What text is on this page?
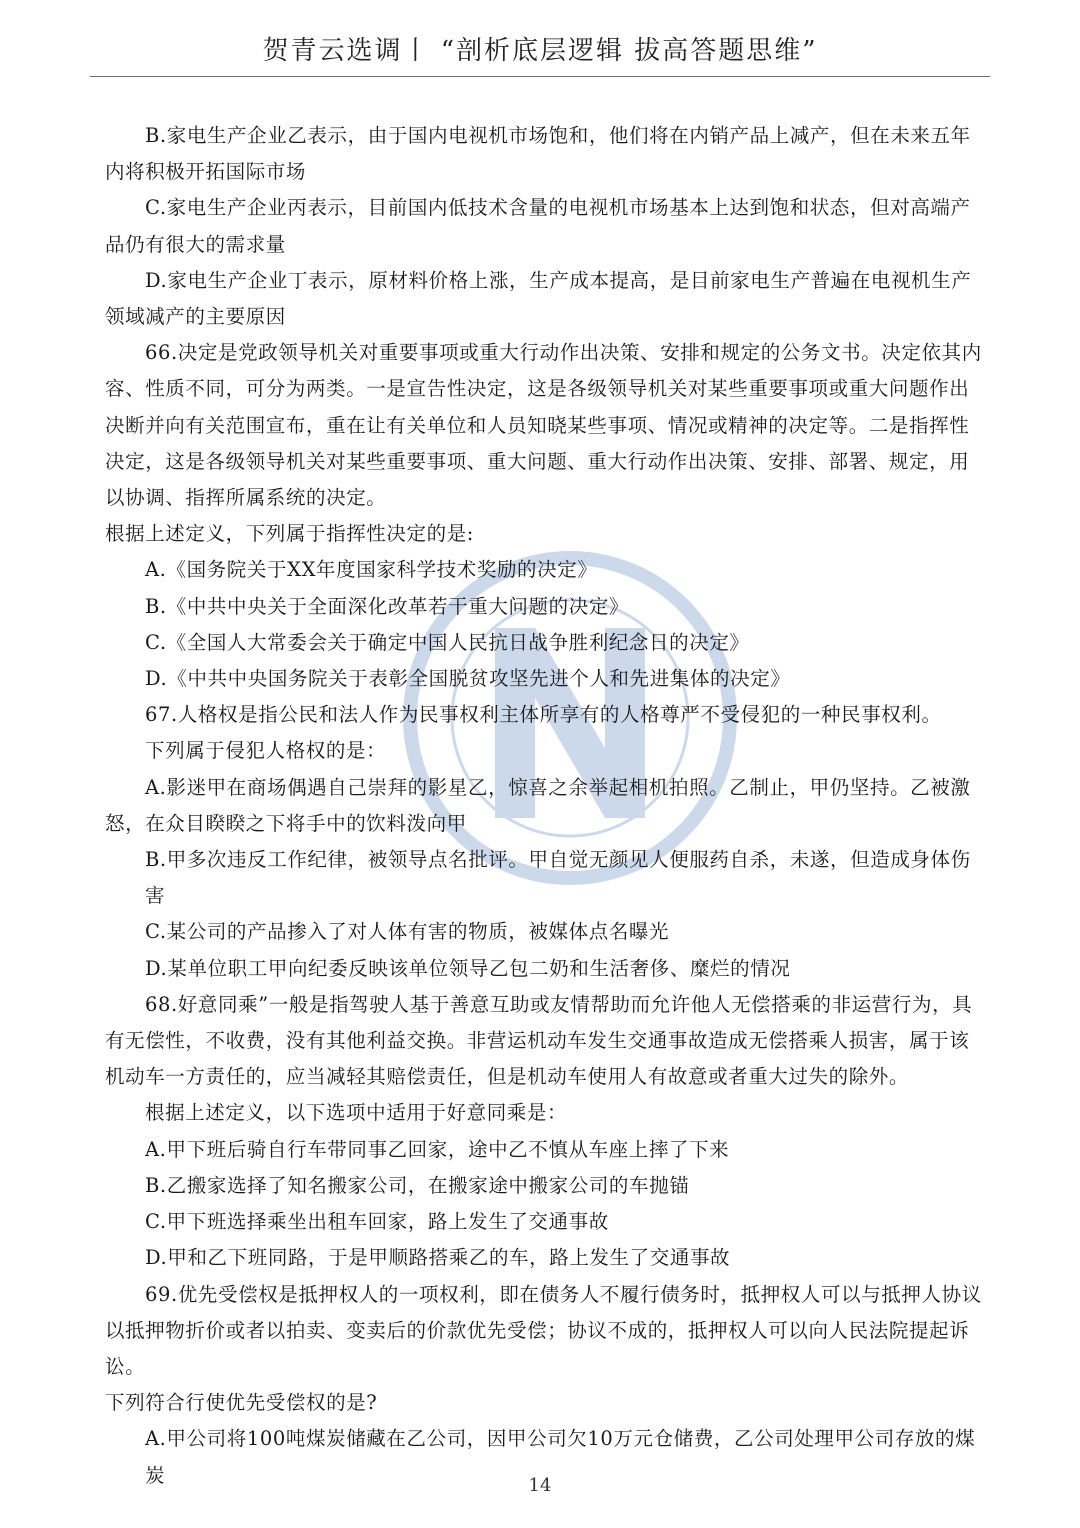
贺青云选调丨 “剖析底层逻辑 拔高答题思维”

B.家电生产企业乙表示，由于国内电视机市场饱和，他们将在内销产品上减产，但在未来五年内将积极开拓国际市场

C.家电生产企业丙表示，目前国内低技术含量的电视机市场基本上达到饱和状态，但对高端产品仍有很大的需求量

D.家电生产企业丁表示，原材料价格上涨，生产成本提高，是目前家电生产普遍在电视机生产领域减产的主要原因

66.决定是党政领导机关对重要事项或重大行动作出决策、安排和规定的公务文书。决定依其内容、性质不同，可分为两类。一是宣告性决定，这是各级领导机关对某些重要事项或重大问题作出决断并向有关范围宣布，重在让有关单位和人员知晓某些事项、情况或精神的决定等。二是指挥性决定，这是各级领导机关对某些重要事项、重大问题、重大行动作出决策、安排、部署、规定，用以协调、指挥所属系统的决定。

根据上述定义，下列属于指挥性决定的是:

A.《国务院关于XX年度国家科学技术奖励的决定》

B.《中共中央关于全面深化改革若干重大问题的决定》

C.《全国人大常委会关于确定中国人民抗日战争胜利纪念日的决定》

D.《中共中央国务院关于表彰全国脱贫攻坚先进个人和先进集体的决定》

67.人格权是指公民和法人作为民事权利主体所享有的人格尊严不受侵犯的一种民事权利。

下列属于侵犯人格权的是：

A.影迷甲在商场偶遇自己崇拜的影星乙，惊喜之余举起相机拍照。乙制止，甲仍坚持。乙被激怒，在众目睽睽之下将手中的饮料泼向甲

B.甲多次违反工作纪律，被领导点名批评。甲自觉无颜见人便服药自杀，未遂，但造成身体伤害

C.某公司的产品掺入了对人体有害的物质，被媒体点名曝光

D.某单位职工甲向纪委反映该单位领导乙包二奶和生活奢侈、糜烂的情况

68.好意同乘”一般是指驾驶人基于善意互助或友情帮助而允许他人无偿搭乘的非运营行为，具有无偿性，不收费，没有其他利益交换。非营运机动车发生交通事故造成无偿搭乘人损害，属于该机动车一方责任的，应当减轻其赔偿责任，但是机动车使用人有故意或者重大过失的除外。

根据上述定义，以下选项中适用于好意同乘是：

A.甲下班后骑自行车带同事乙回家，途中乙不慎从车座上摔了下来

B.乙搬家选择了知名搬家公司，在搬家途中搬家公司的车抛锚

C.甲下班选择乘坐出租车回家，路上发生了交通事故

D.甲和乙下班同路，于是甲顺路搭乘乙的车，路上发生了交通事故

69.优先受偿权是抵押权人的一项权利，即在债务人不履行债务时，抵押权人可以与抵押人协议以抵押物折价或者以拍卖、变卖后的价款优先受偿；协议不成的，抵押权人可以向人民法院提起诉讼。

下列符合行使优先受偿权的是?

A.甲公司将100吨煤炭储藏在乙公司，因甲公司欠10万元仓储费，乙公司处理甲公司存放的煤炭	14
